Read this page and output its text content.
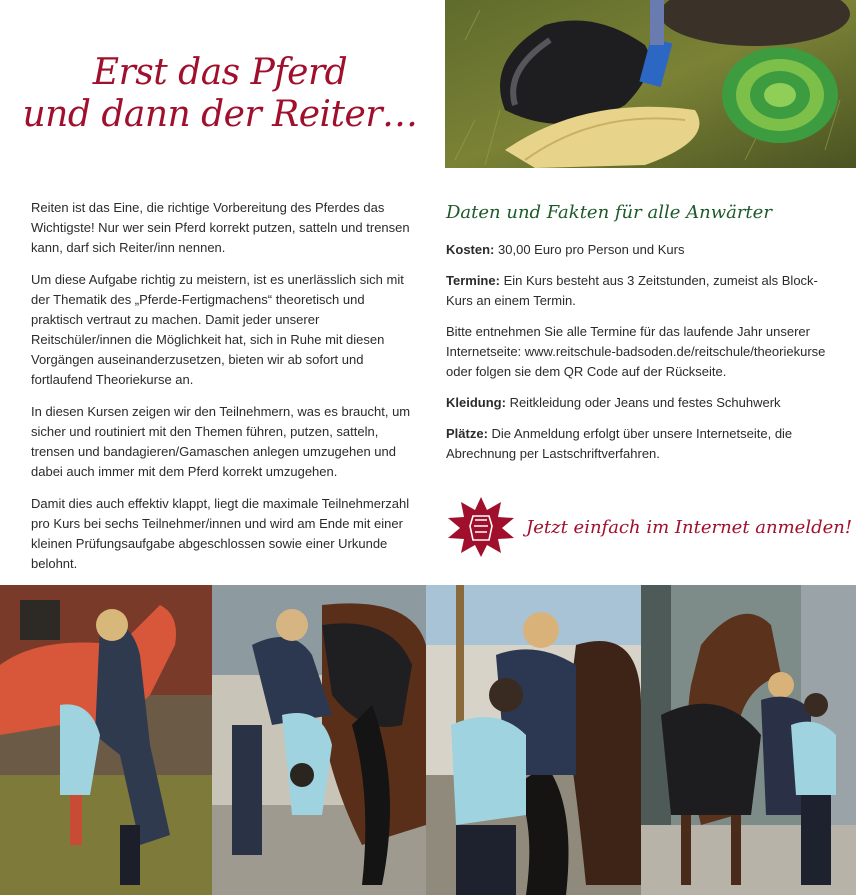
Erst das Pferd
und dann der Reiter…

Reiten ist das Eine, die richtige Vorbereitung des Pferdes das Wichtigste! Nur wer sein Pferd korrekt putzen, satteln und trensen kann, darf sich Reiter/inn nennen.

Um diese Aufgabe richtig zu meistern, ist es unerlässlich sich mit der Thematik des „Pferde-Fertigmachens“ theoretisch und praktisch vertraut zu machen. Damit jeder unserer Reitschüler/innen die Möglichkeit hat, sich in Ruhe mit diesen Vorgängen auseinanderzusetzen, bieten wir ab sofort und fortlaufend Theoriekurse an.

In diesen Kursen zeigen wir den Teilnehmern, was es braucht, um sicher und routiniert mit den Themen führen, putzen, satteln, trensen und bandagieren/Gamaschen anlegen umzugehen und dabei auch immer mit dem Pferd korrekt umzugehen.

Damit dies auch effektiv klappt, liegt die maximale Teilnehmerzahl pro Kurs bei sechs Teilnehmer/innen und wird am Ende mit einer kleinen Prüfungsaufgabe abgeschlossen sowie einer Urkunde belohnt.

Daten und Fakten für alle Anwärter

Kosten: 30,00 Euro pro Person und Kurs

Termine: Ein Kurs besteht aus 3 Zeitstunden, zumeist als Block-Kurs an einem Termin.

Bitte entnehmen Sie alle Termine für das laufende Jahr unserer Internetseite: www.reitschule-badsoden.de/reitschule/theoriekurse oder folgen sie dem QR Code auf der Rückseite.

Kleidung: Reitkleidung oder Jeans und festes Schuhwerk

Plätze: Die Anmeldung erfolgt über unsere Internetseite, die Abrechnung per Lastschriftverfahren.

Jetzt einfach im Internet anmelden!
